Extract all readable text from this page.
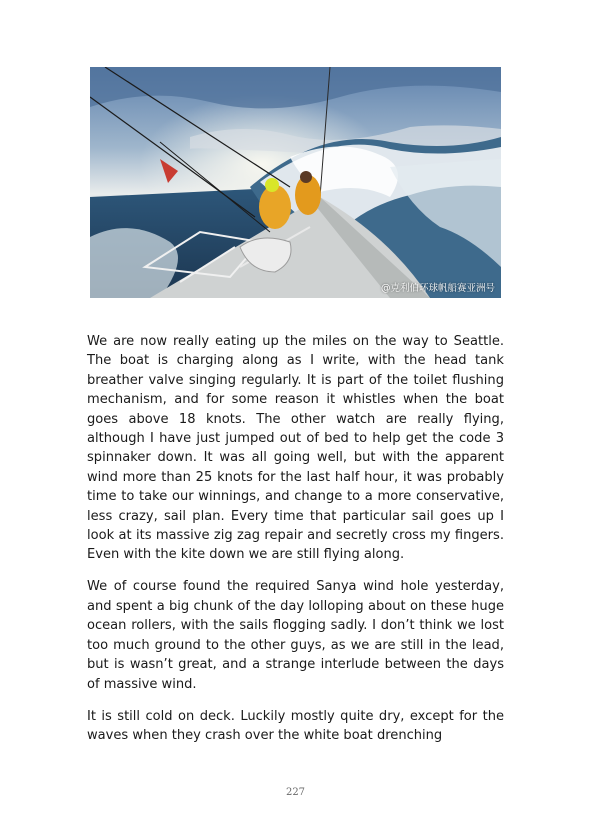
@克利伯环球帆船赛亚洲号

We are now really eating up the miles on the way to Seattle. The boat is charging along as I write, with the head tank breather valve singing regularly. It is part of the toilet flushing mechanism, and for some reason it whistles when the boat goes above 18 knots. The other watch are really flying, although I have just jumped out of bed to help get the code 3 spinnaker down. It was all going well, but with the apparent wind more than 25 knots for the last half hour, it was probably time to take our winnings, and change to a more conservative, less crazy, sail plan. Every time that particular sail goes up I look at its massive zig zag repair and secretly cross my fingers. Even with the kite down we are still flying along.

We of course found the required Sanya wind hole yesterday, and spent a big chunk of the day lolloping about on these huge ocean rollers, with the sails flogging sadly. I don’t think we lost too much ground to the other guys, as we are still in the lead, but is wasn’t great, and a strange interlude between the days of massive wind.

It is still cold on deck. Luckily mostly quite dry, except for the waves when they crash over the white boat drenching

227
